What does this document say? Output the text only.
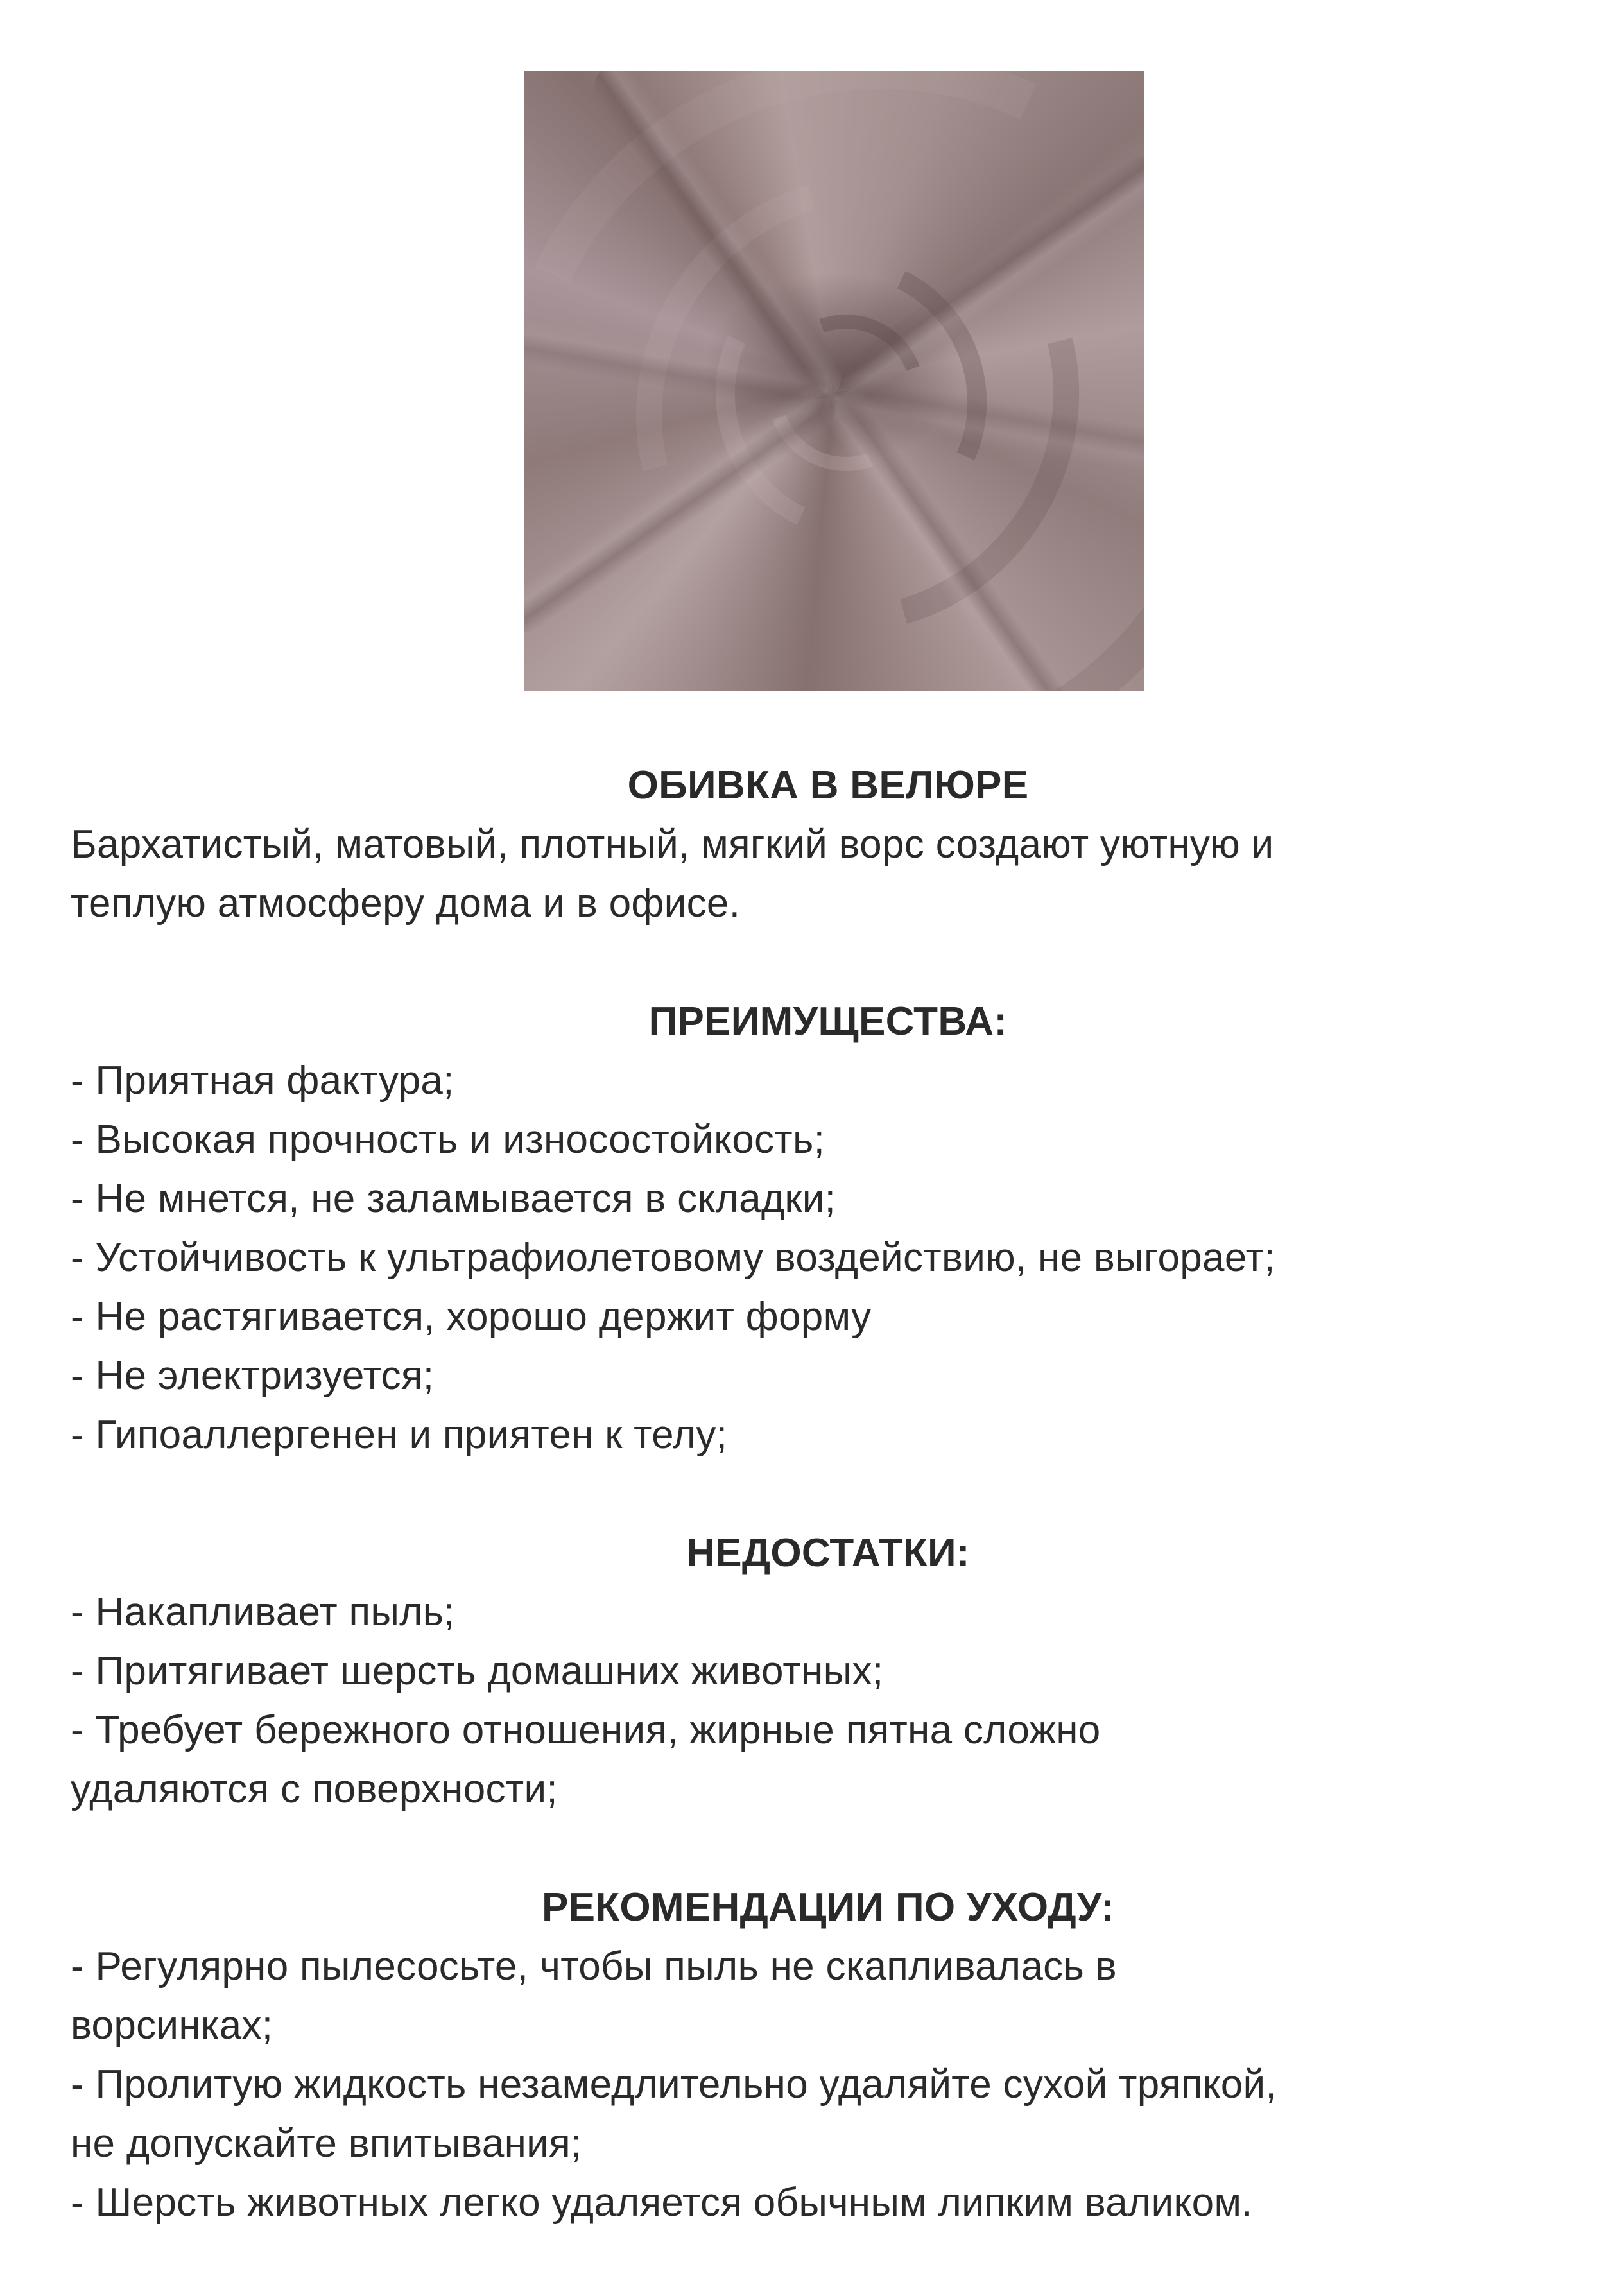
ОБИВКА В ВЕЛЮРЕ

Бархатистый, матовый, плотный, мягкий ворс создают уютную и

теплую атмосферу дома и в офисе.

ПРЕИМУЩЕСТВА:
- Приятная фактура;
- Высокая прочность и износостойкость;
- Не мнется, не заламывается в складки;
- Устойчивость к ультрафиолетовому воздействию, не выгорает;
- Не растягивается, хорошо держит форму
- Не электризуется;
- Гипоаллергенен и приятен к телу;
НЕДОСТАТКИ:
- Накапливает пыль;
- Притягивает шерсть домашних животных;
- Требует бережного отношения, жирные пятна сложно
удаляются с поверхности;
РЕКОМЕНДАЦИИ ПО УХОДУ:
- Регулярно пылесосьте, чтобы пыль не скапливалась в
ворсинках;
- Пролитую жидкость незамедлительно удаляйте сухой тряпкой,
не допускайте впитывания;
- Шерсть животных легко удаляется обычным липким валиком.
